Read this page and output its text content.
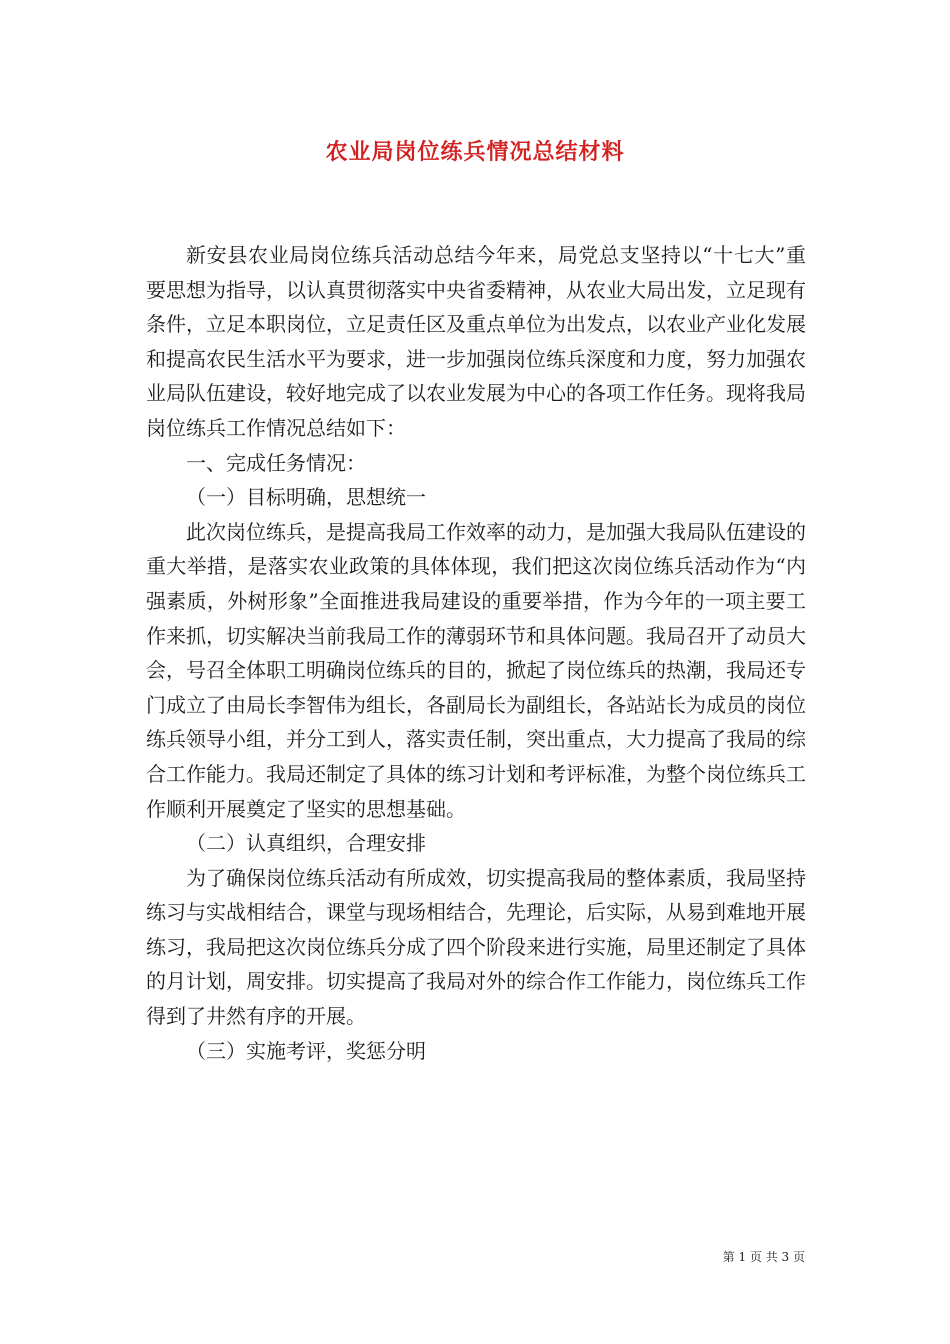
农业局岗位练兵情况总结材料

新安县农业局岗位练兵活动总结今年来，局党总支坚持以“十七大”重要思想为指导，以认真贯彻落实中央省委精神，从农业大局出发，立足现有条件，立足本职岗位，立足责任区及重点单位为出发点，以农业产业化发展和提高农民生活水平为要求，进一步加强岗位练兵深度和力度，努力加强农业局队伍建设，较好地完成了以农业发展为中心的各项工作任务。现将我局岗位练兵工作情况总结如下：

一、完成任务情况：

（一）目标明确，思想统一

此次岗位练兵，是提高我局工作效率的动力，是加强大我局队伍建设的重大举措，是落实农业政策的具体体现，我们把这次岗位练兵活动作为“内强素质，外树形象”全面推进我局建设的重要举措，作为今年的一项主要工作来抓，切实解决当前我局工作的薄弱环节和具体问题。我局召开了动员大会，号召全体职工明确岗位练兵的目的，掀起了岗位练兵的热潮，我局还专门成立了由局长李智伟为组长，各副局长为副组长，各站站长为成员的岗位练兵领导小组，并分工到人，落实责任制，突出重点，大力提高了我局的综合工作能力。我局还制定了具体的练习计划和考评标准，为整个岗位练兵工作顺利开展奠定了坚实的思想基础。

（二）认真组织，合理安排

为了确保岗位练兵活动有所成效，切实提高我局的整体素质，我局坚持练习与实战相结合，课堂与现场相结合，先理论，后实际，从易到难地开展练习，我局把这次岗位练兵分成了四个阶段来进行实施，局里还制定了具体的月计划，周安排。切实提高了我局对外的综合作工作能力，岗位练兵工作得到了井然有序的开展。

（三）实施考评，奖惩分明

第 1 页 共 3 页
